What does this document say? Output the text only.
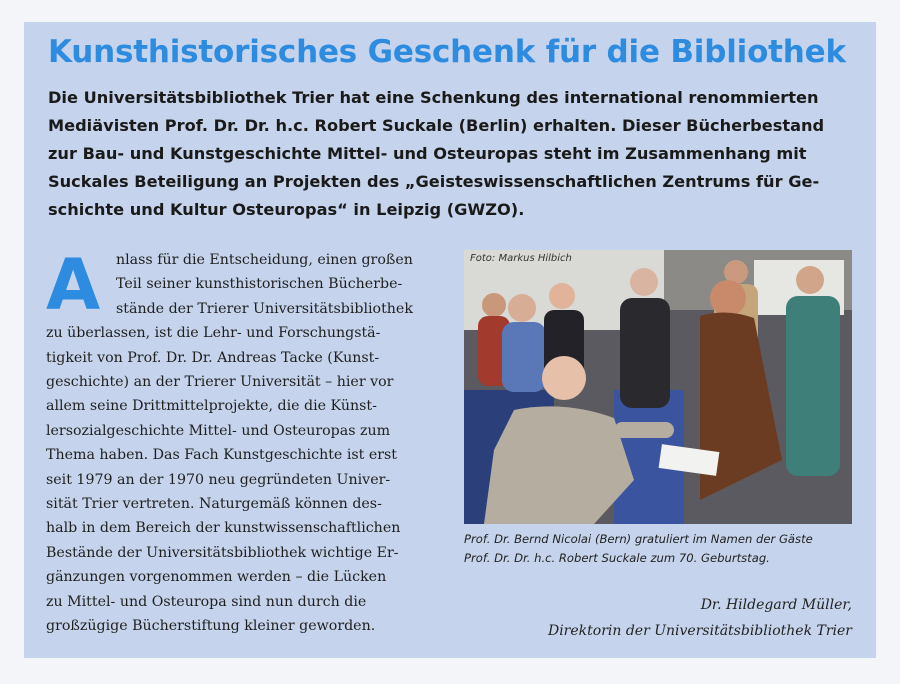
Kunsthistorisches Geschenk für die Bibliothek

Die Universitätsbibliothek Trier hat eine Schenkung des international renommierten
Mediävisten Prof. Dr. Dr. h.c. Robert Suckale (Berlin) erhalten. Dieser Bücherbestand
zur Bau- und Kunstgeschichte Mittel- und Osteuropas steht im Zusammenhang mit
Suckales Beteiligung an Projekten des „Geisteswissenschaftlichen Zentrums für Ge-
schichte und Kultur Osteuropas“ in Leipzig (GWZO).

A	nlass für die Entscheidung, einen großen
Teil seiner kunsthistorischen Bücherbe-
stände der Trierer Universitätsbibliothek
zu überlassen, ist die Lehr- und Forschungstä-
tigkeit von Prof. Dr. Dr. Andreas Tacke (Kunst-
geschichte) an der Trierer Universität – hier vor
allem seine Drittmittelprojekte, die die Künst-
lersozialgeschichte Mittel- und Osteuropas zum
Thema haben. Das Fach Kunstgeschichte ist erst
seit 1979 an der 1970 neu gegründeten Univer-
sität Trier vertreten. Naturgemäß können des-
halb in dem Bereich der kunstwissenschaftlichen
Bestände der Universitätsbibliothek wichtige Er-
gänzungen vorgenommen werden – die Lücken
zu Mittel- und Osteuropa sind nun durch die
großzügige Bücherstiftung kleiner geworden.

Foto: Markus Hilbich

Prof. Dr. Bernd Nicolai (Bern) gratuliert im Namen der Gäste
Prof. Dr. Dr. h.c. Robert Suckale zum 70. Geburtstag.

Dr. Hildegard Müller,
Direktorin der Universitätsbibliothek Trier
